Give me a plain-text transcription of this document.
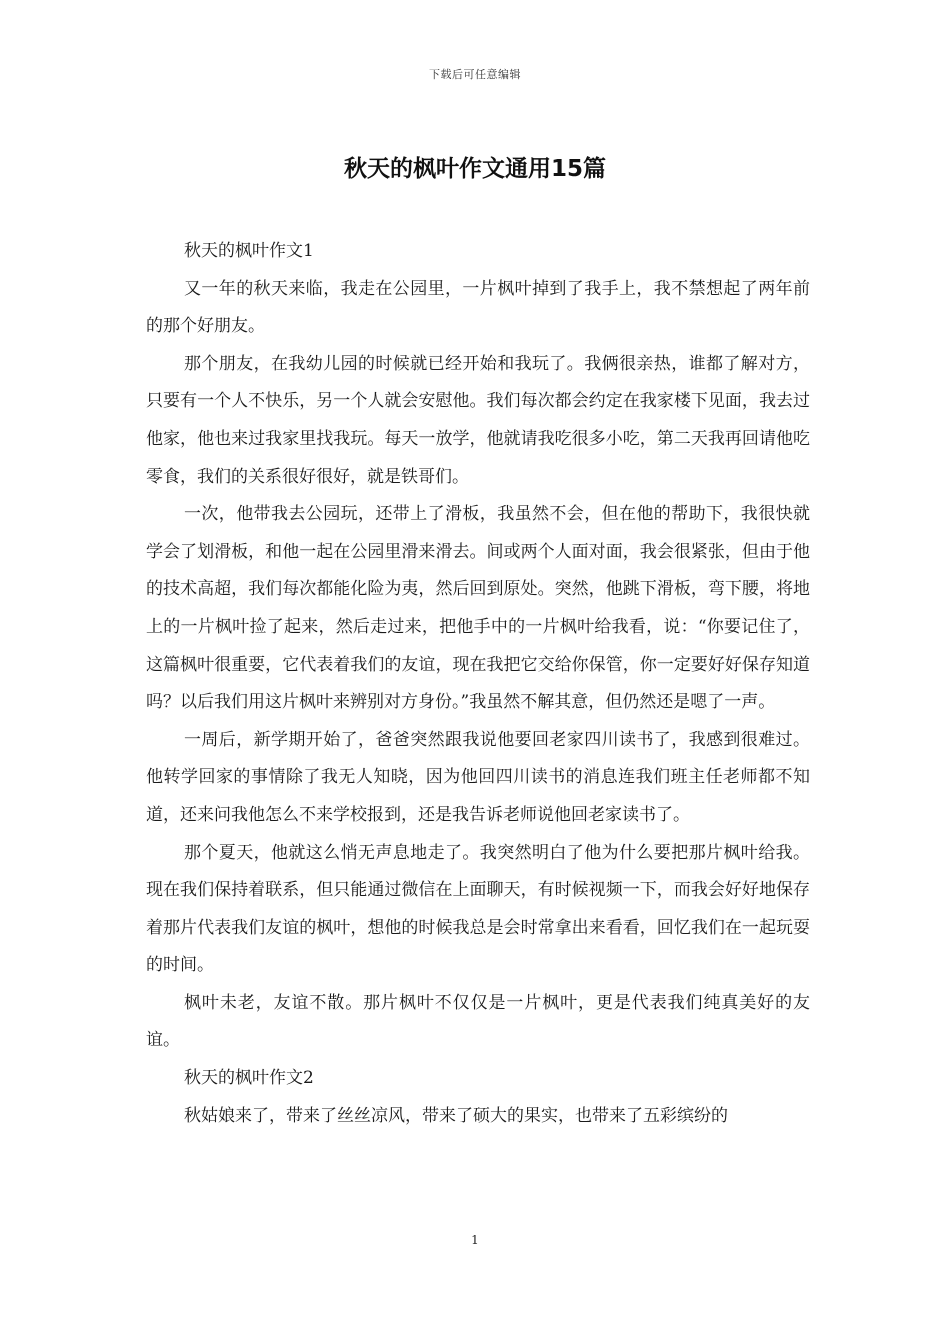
下载后可任意编辑
秋天的枫叶作文通用15篇

秋天的枫叶作文1

又一年的秋天来临，我走在公园里，一片枫叶掉到了我手上，我不禁想起了两年前的那个好朋友。

那个朋友，在我幼儿园的时候就已经开始和我玩了。我俩很亲热，谁都了解对方，只要有一个人不快乐，另一个人就会安慰他。我们每次都会约定在我家楼下见面，我去过他家，他也来过我家里找我玩。每天一放学，他就请我吃很多小吃，第二天我再回请他吃零食，我们的关系很好很好，就是铁哥们。

一次，他带我去公园玩，还带上了滑板，我虽然不会，但在他的帮助下，我很快就学会了划滑板，和他一起在公园里滑来滑去。间或两个人面对面，我会很紧张，但由于他的技术高超，我们每次都能化险为夷，然后回到原处。突然，他跳下滑板，弯下腰，将地上的一片枫叶捡了起来，然后走过来，把他手中的一片枫叶给我看，说：“你要记住了，这篇枫叶很重要，它代表着我们的友谊，现在我把它交给你保管，你一定要好好保存知道吗？以后我们用这片枫叶来辨别对方身份。”我虽然不解其意，但仍然还是嗯了一声。

一周后，新学期开始了，爸爸突然跟我说他要回老家四川读书了，我感到很难过。他转学回家的事情除了我无人知晓，因为他回四川读书的消息连我们班主任老师都不知道，还来问我他怎么不来学校报到，还是我告诉老师说他回老家读书了。

那个夏天，他就这么悄无声息地走了。我突然明白了他为什么要把那片枫叶给我。现在我们保持着联系，但只能通过微信在上面聊天，有时候视频一下，而我会好好地保存着那片代表我们友谊的枫叶，想他的时候我总是会时常拿出来看看，回忆我们在一起玩耍的时间。

枫叶未老，友谊不散。那片枫叶不仅仅是一片枫叶，更是代表我们纯真美好的友谊。

秋天的枫叶作文2

秋姑娘来了，带来了丝丝凉风，带来了硕大的果实，也带来了五彩缤纷的

1
